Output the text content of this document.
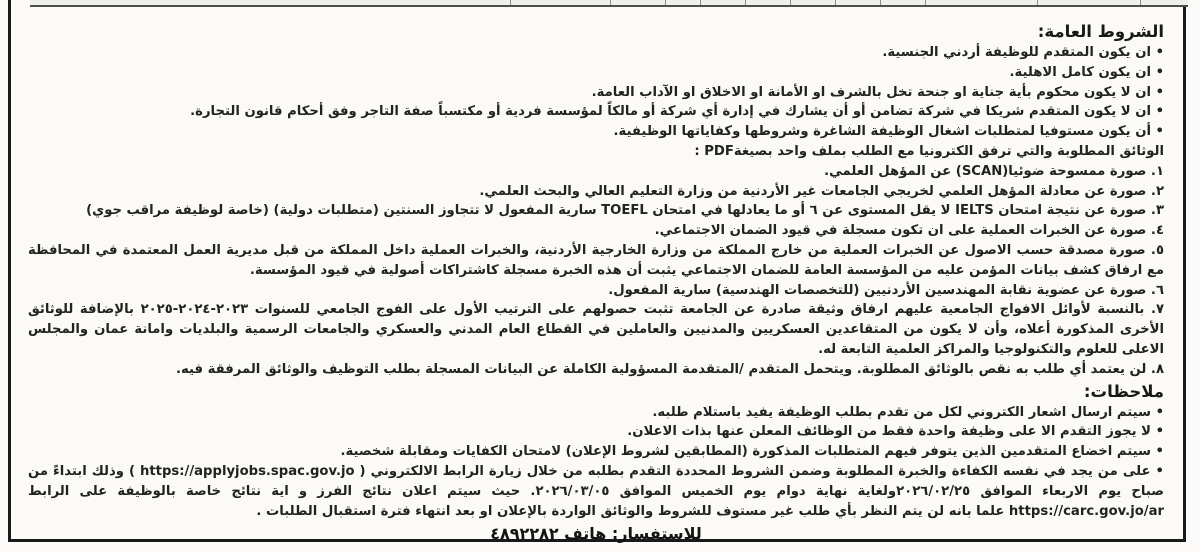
الشروط العامة:

• ان يكون المتقدم للوظيفة أردني الجنسية.

• ان يكون كامل الاهلية.

• ان لا يكون محكوم بأية جناية او جنحة تخل بالشرف او الأمانة او الاخلاق او الآداب العامة.

• ان لا يكون المتقدم شريكا في شركة تضامن أو أن يشارك في إدارة أي شركة أو مالكاً لمؤسسة فردية أو مكتسباً صفة التاجر وفق أحكام قانون التجارة.

• أن يكون مستوفيا لمتطلبات اشغال الوظيفة الشاغرة وشروطها وكفاياتها الوظيفية.

الوثائق المطلوبة والتي ترفق الكترونيا مع الطلب بملف واحد بصيغةPDF :

١. صورة ممسوحة ضوئيا(SCAN) عن المؤهل العلمي.

٢. صورة عن معادلة المؤهل العلمي لخريجي الجامعات غير الأردنية من وزارة التعليم العالي والبحث العلمي.

٣. صورة عن نتيجة امتحان IELTS لا يقل المستوى عن ٦ أو ما يعادلها في امتحان TOEFL سارية المفعول لا تتجاوز السنتين (متطلبات دولية) (خاصة لوظيفة مراقب جوي)

٤. صورة عن الخبرات العملية على ان تكون مسجلة في قيود الضمان الاجتماعي.

٥. صورة مصدقة حسب الاصول عن الخبرات العملية من خارج المملكة من وزارة الخارجية الأردنية، والخبرات العملية داخل المملكة من قبل مديرية العمل المعتمدة في المحافظة مع ارفاق كشف بيانات المؤمن عليه من المؤسسة العامة للضمان الاجتماعي يثبت أن هذه الخبرة مسجلة كاشتراكات أصولية في قيود المؤسسة.

٦. صورة عن عضوية نقابة المهندسين الأردنيين (للتخصصات الهندسية) سارية المفعول.

٧. بالنسبة لأوائل الافواج الجامعية عليهم ارفاق وثيقة صادرة عن الجامعة تثبت حصولهم على الترتيب الأول على الفوج الجامعي للسنوات ٢٠٢٣-٢٠٢٤-٢٠٢٥ بالإضافة للوثائق الأخرى المذكورة أعلاه، وأن لا يكون من المتقاعدين العسكريين والمدنيين والعاملين في القطاع العام المدني والعسكري والجامعات الرسمية والبلديات وامانة عمان والمجلس الاعلى للعلوم والتكنولوجيا والمراكز العلمية التابعة له.

٨. لن يعتمد أي طلب به نقص بالوثائق المطلوبة. ويتحمل المتقدم /المتقدمة المسؤولية الكاملة عن البيانات المسجلة بطلب التوظيف والوثائق المرفقة فيه.

ملاحظات:

• سيتم ارسال اشعار الكتروني لكل من تقدم بطلب الوظيفة يفيد باستلام طلبه.

• لا يجوز التقدم الا على وظيفة واحدة فقط من الوظائف المعلن عنها بذات الاعلان.

• سيتم اخضاع المتقدمين الذين يتوفر فيهم المتطلبات المذكورة (المطابقين لشروط الإعلان) لامتحان الكفايات ومقابلة شخصية.

• على من يجد في نفسه الكفاءة والخبرة المطلوبة وضمن الشروط المحددة التقدم بطلبه من خلال زيارة الرابط الالكتروني ( https://applyjobs.spac.gov.jo ) وذلك ابتداءً من صباح يوم الاربعاء الموافق ٢٠٢٦/٠٢/٢٥ولغاية نهاية دوام يوم الخميس الموافق ٢٠٢٦/٠٣/٠٥. حيث سيتم اعلان نتائج الفرز و اية نتائج خاصة بالوظيفة على الرابط https://carc.gov.jo/ar علما بانه لن يتم النظر بأي طلب غير مستوف للشروط والوثائق الواردة بالإعلان او بعد انتهاء فترة استقبال الطلبات .

للاستفسار: هاتف ٤٨٩٢٢٨٢
